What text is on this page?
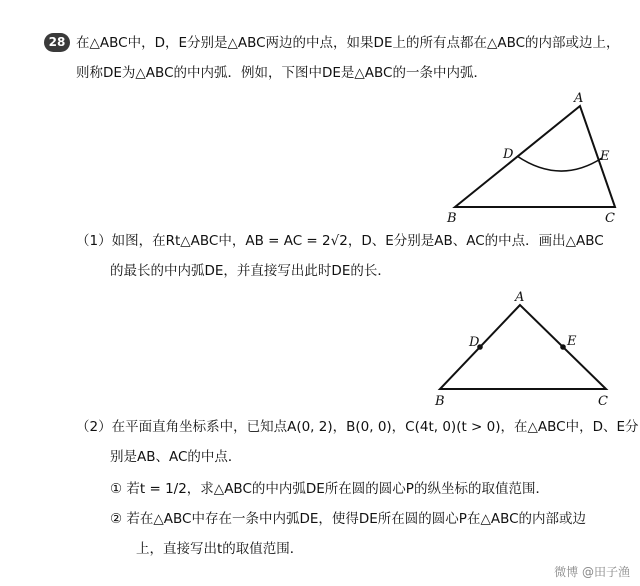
28 在△ABC中，D，E分别是△ABC两边的中点，如果DE上的所有点都在△ABC的内部或边上，
则称DE为△ABC的中内弧．例如，下图中DE是△ABC的一条中内弧．
A
B	C
D	E
（1）如图，在Rt△ABC中，AB = AC = 2√2，D、E分别是AB、AC的中点．画出△ABC
的最长的中内弧DE，并直接写出此时DE的长．
A
B	C
D	E
（2）在平面直角坐标系中，已知点A(0, 2)，B(0, 0)，C(4t, 0)(t > 0)，在△ABC中，D、E分
别是AB、AC的中点．
① 若t = 1/2，求△ABC的中内弧DE所在圆的圆心P的纵坐标的取值范围．
② 若在△ABC中存在一条中内弧DE，使得DE所在圆的圆心P在△ABC的内部或边
上，直接写出t的取值范围．
微博 @田子渔
